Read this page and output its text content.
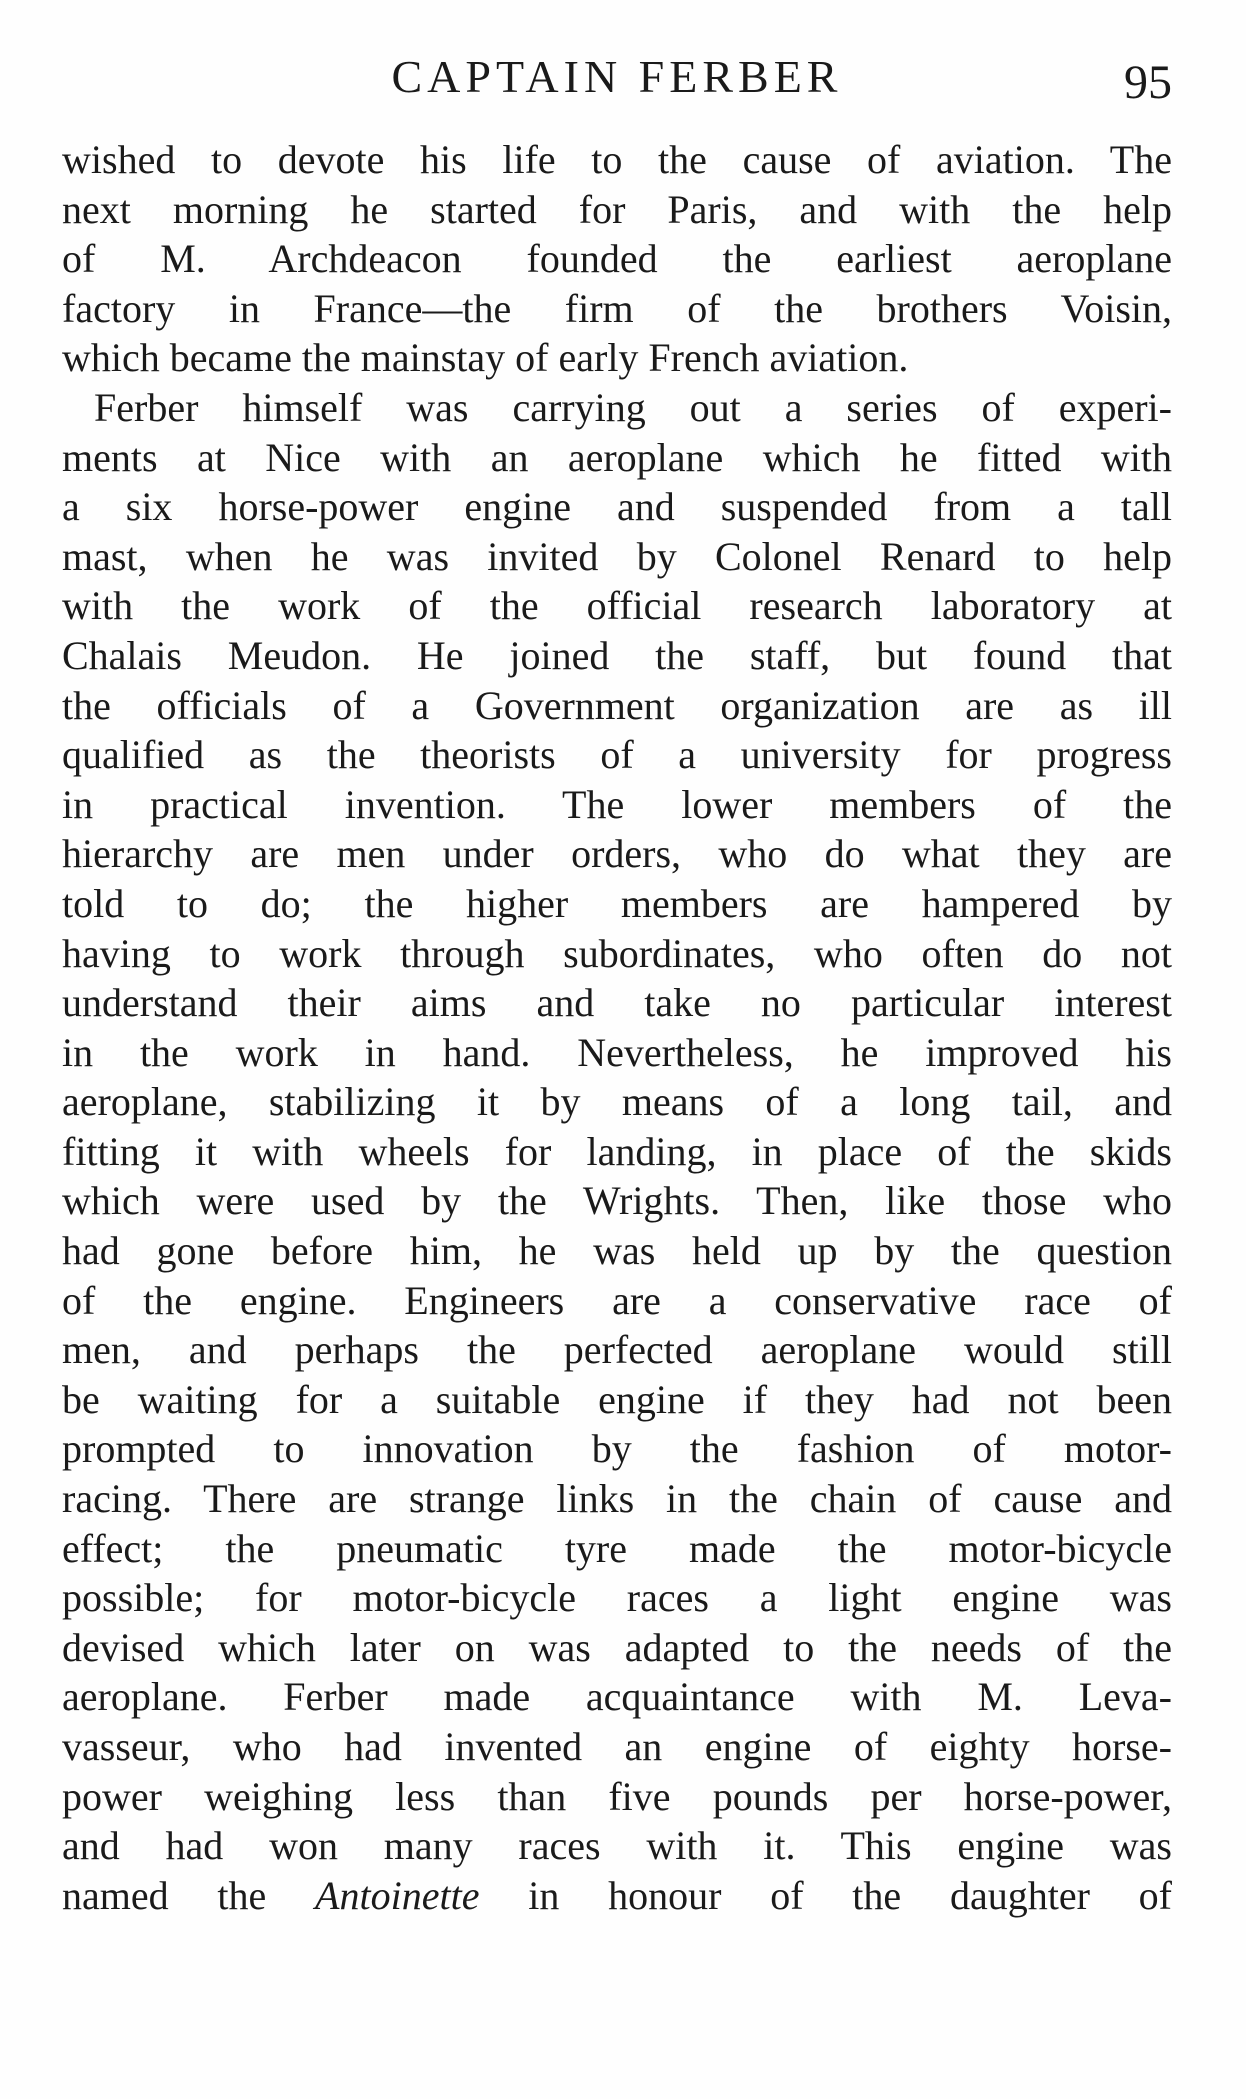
CAPTAIN FERBER	95
wished to devote his life to the cause of aviation. The
next morning he started for Paris, and with the help
of M. Archdeacon founded the earliest aeroplane
factory in France—the firm of the brothers Voisin,
which became the mainstay of early French aviation.
Ferber himself was carrying out a series of experi-
ments at Nice with an aeroplane which he fitted with
a six horse-power engine and suspended from a tall
mast, when he was invited by Colonel Renard to help
with the work of the official research laboratory at
Chalais Meudon. He joined the staff, but found that
the officials of a Government organization are as ill
qualified as the theorists of a university for progress
in practical invention. The lower members of the
hierarchy are men under orders, who do what they are
told to do; the higher members are hampered by
having to work through subordinates, who often do not
understand their aims and take no particular interest
in the work in hand. Nevertheless, he improved his
aeroplane, stabilizing it by means of a long tail, and
fitting it with wheels for landing, in place of the skids
which were used by the Wrights. Then, like those who
had gone before him, he was held up by the question
of the engine. Engineers are a conservative race of
men, and perhaps the perfected aeroplane would still
be waiting for a suitable engine if they had not been
prompted to innovation by the fashion of motor-
racing. There are strange links in the chain of cause and
effect; the pneumatic tyre made the motor-bicycle
possible; for motor-bicycle races a light engine was
devised which later on was adapted to the needs of the
aeroplane. Ferber made acquaintance with M. Leva-
vasseur, who had invented an engine of eighty horse-
power weighing less than five pounds per horse-power,
and had won many races with it. This engine was
named the Antoinette in honour of the daughter of
